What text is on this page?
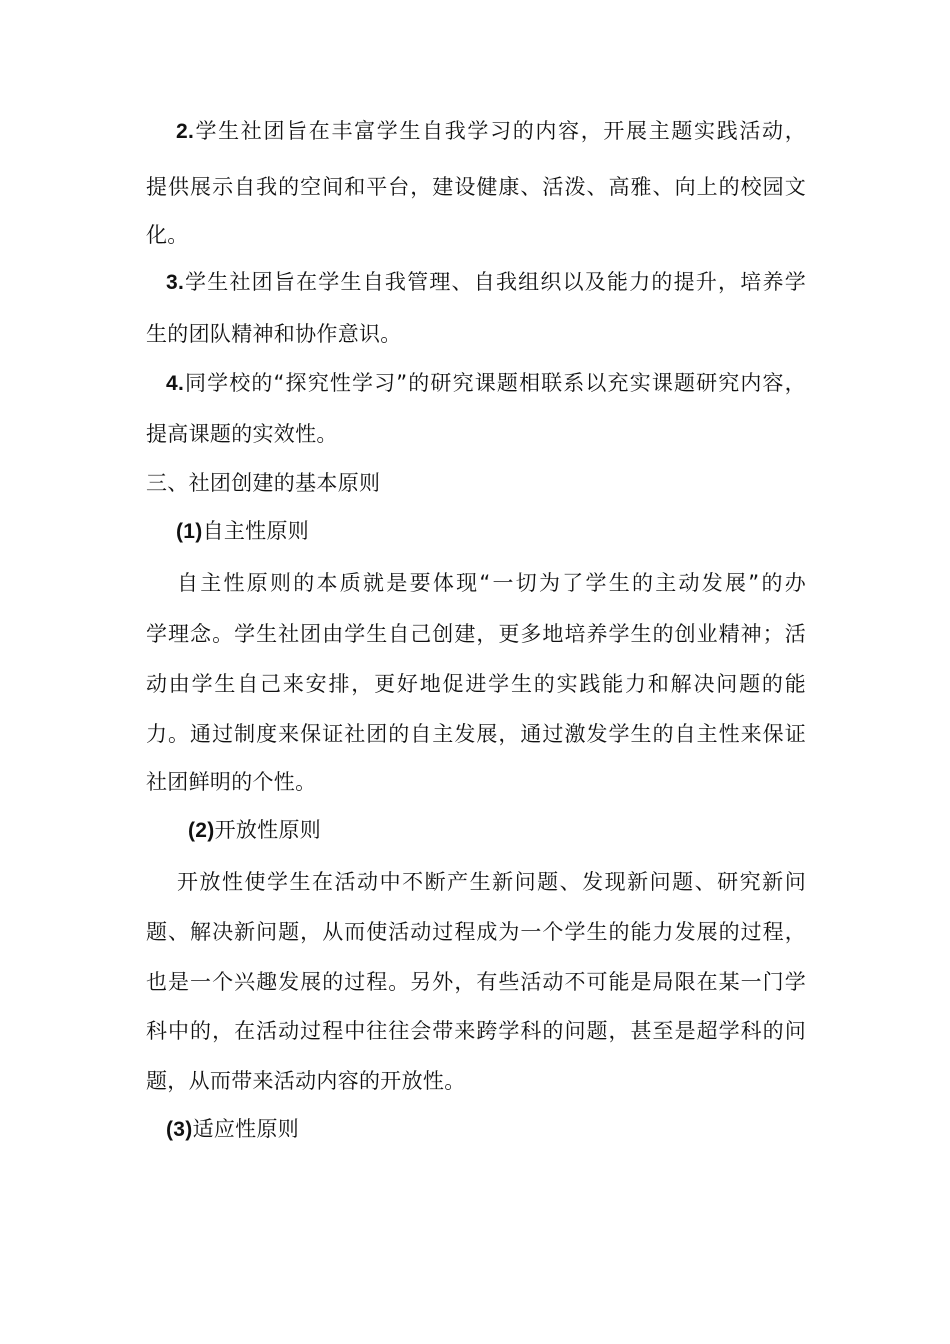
2.学生社团旨在丰富学生自我学习的内容，开展主题实践活动，
提供展示自我的空间和平台，建设健康、活泼、高雅、向上的校园文
化。
3.学生社团旨在学生自我管理、自我组织以及能力的提升，培养学
生的团队精神和协作意识。
4.同学校的“探究性学习”的研究课题相联系以充实课题研究内容，
提高课题的实效性。
三、社团创建的基本原则
(1)自主性原则
自主性原则的本质就是要体现“一切为了学生的主动发展”的办
学理念。学生社团由学生自己创建，更多地培养学生的创业精神；活
动由学生自己来安排，更好地促进学生的实践能力和解决问题的能
力。通过制度来保证社团的自主发展，通过激发学生的自主性来保证
社团鲜明的个性。
(2)开放性原则
开放性使学生在活动中不断产生新问题、发现新问题、研究新问
题、解决新问题，从而使活动过程成为一个学生的能力发展的过程，
也是一个兴趣发展的过程。另外，有些活动不可能是局限在某一门学
科中的，在活动过程中往往会带来跨学科的问题，甚至是超学科的问
题，从而带来活动内容的开放性。
(3)适应性原则
